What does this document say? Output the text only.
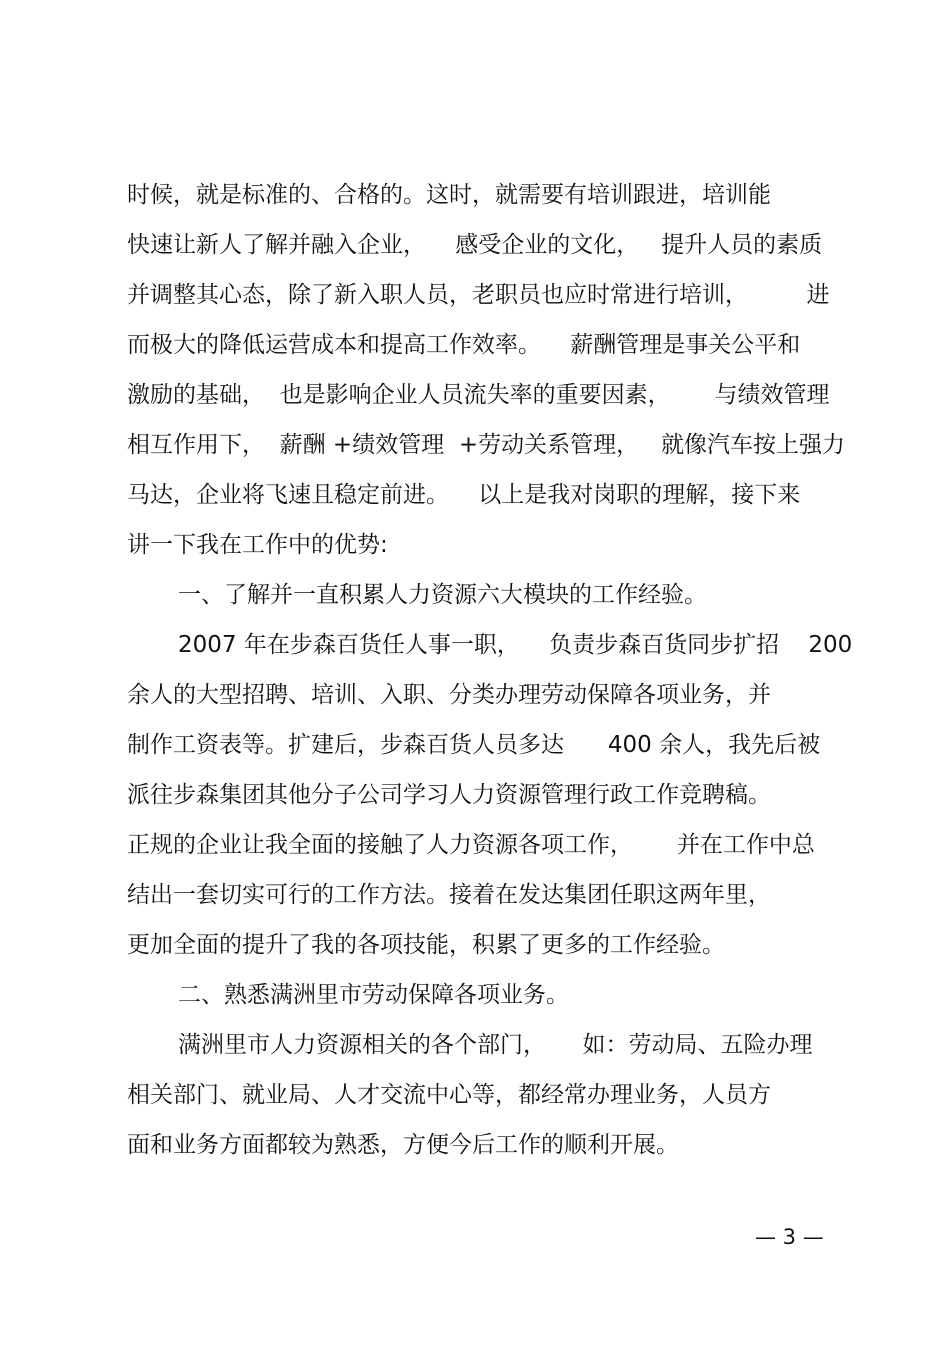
时候，就是标准的、合格的。这时，就需要有培训跟进，培训能
快速让新人了解并融入企业，    感受企业的文化，   提升人员的素质
并调整其心态，除了新入职人员，老职员也应时常进行培训，        进
而极大的降低运营成本和提高工作效率。    薪酬管理是事关公平和
激励的基础，  也是影响企业人员流失率的重要因素，      与绩效管理
相互作用下，  薪酬 +绩效管理  +劳动关系管理，   就像汽车按上强力
马达，企业将飞速且稳定前进。    以上是我对岗职的理解，接下来
讲一下我在工作中的优势:
一、了解并一直积累人力资源六大模块的工作经验。
2007 年在步森百货任人事一职，    负责步森百货同步扩招    200
余人的大型招聘、培训、入职、分类办理劳动保障各项业务，并
制作工资表等。扩建后，步森百货人员多达      400 余人，我先后被
派往步森集团其他分子公司学习人力资源管理行政工作竞聘稿。
正规的企业让我全面的接触了人力资源各项工作，      并在工作中总
结出一套切实可行的工作方法。接着在发达集团任职这两年里，
更加全面的提升了我的各项技能，积累了更多的工作经验。
二、熟悉满洲里市劳动保障各项业务。
满洲里市人力资源相关的各个部门，     如：劳动局、五险办理
相关部门、就业局、人才交流中心等，都经常办理业务，人员方
面和业务方面都较为熟悉，方便今后工作的顺利开展。
— 3 —
